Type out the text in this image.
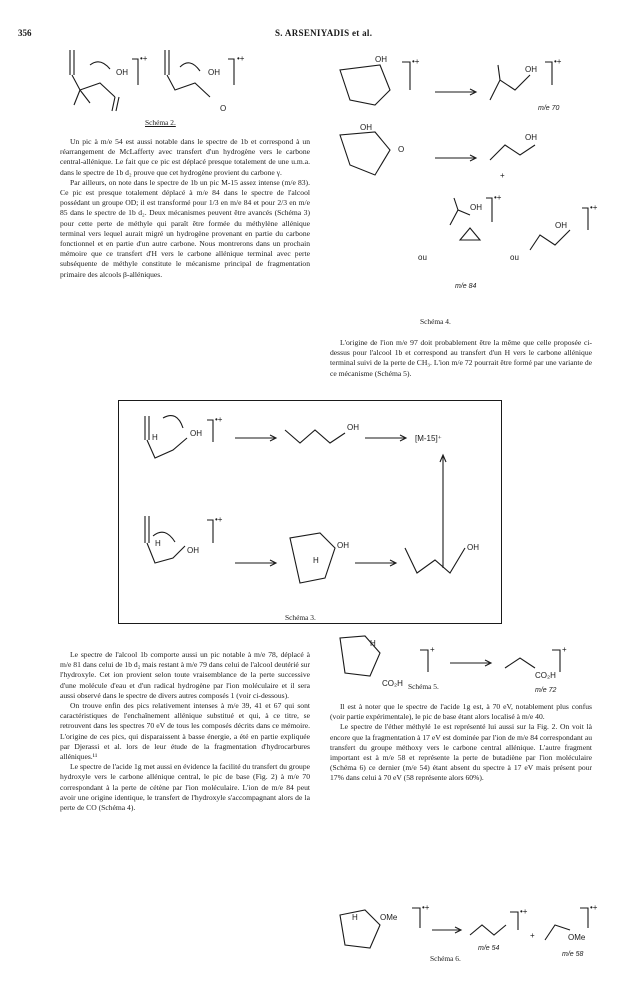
356	S. ARSENIYADIS et al.
OH
•+
OH
O
•+
Schéma 2.

Un pic à m/e 54 est aussi notable dans le spectre de 1b et correspond à un réarrangement de McLafferty avec transfert d'un hydrogène vers le carbone central-allénique. Le fait que ce pic est déplacé presque totalement de une u.m.a. dans le spectre de 1b d₂ prouve que cet hydrogène provient du carbone γ.

Par ailleurs, on note dans le spectre de 1b un pic M-15 assez intense (m/e 83). Ce pic est presque totalement déplacé à m/e 84 dans le spectre de l'alcool possédant un groupe OD; il est transformé pour 1/3 en m/e 84 et pour 2/3 en m/e 85 dans le spectre de 1b d₂. Deux mécanismes peuvent être avancés (Schéma 3) pour cette perte de méthyle qui paraît être formée du méthylène allénique terminal vers lequel aurait migré un hydrogène provenant en partie du carbone fonctionnel et en partie d'un autre carbone. Nous montrerons dans un prochain mémoire que ce transfert d'H vers le carbone allénique terminal avec perte subséquente de méthyle constitute le mécanisme principal de fragmentation primaire des alcools β-alléniques.

OH	•+
OH
•+
m/e 70
OH
O
OH
+
OH
•+
ou
OH
•+
ou
m/e 84
Schéma 4.

L'origine de l'ion m/e 97 doit probablement être la même que celle proposée ci-dessus pour l'alcool 1b et correspond au transfert d'un H vers le carbone allénique terminal suivi de la perte de CH₃. L'ion m/e 72 pourrait être formé par une variante de ce mécanisme (Schéma 5).

H	OH
•+
OH
[M-15]⁺
H
OH
•+
H
OH	OH
Schéma 3.

Le spectre de l'alcool 1b comporte aussi un pic notable à m/e 78, déplacé à m/e 81 dans celui de 1b d₂ mais restant à m/e 79 dans celui de l'alcool deutérié sur l'hydroxyle. Cet ion provient selon toute vraisemblance de la perte successive d'une molécule d'eau et d'un radical hydrogène par l'ion moléculaire et il sera aussi observé dans le spectre de divers autres composés 1 (voir ci-dessous).

On trouve enfin des pics relativement intenses à m/e 39, 41 et 67 qui sont caractéristiques de l'enchaînement allénique substitué et qui, à ce titre, se retrouvent dans les spectres 70 eV de tous les composés décrits dans ce mémoire. L'origine de ces pics, qui disparaissent à basse énergie, a été en partie expliquée par Djerassi et al. lors de leur étude de la fragmentation d'hydrocarbures alléniques.¹¹

Le spectre de l'acide 1g met aussi en évidence la facilité du transfert du groupe hydroxyle vers le carbone allénique central, le pic de base (Fig. 2) à m/e 70 correspondant à la perte de cétène par l'ion moléculaire. L'ion de m/e 84 peut avoir une origine identique, le transfert de l'hydroxyle s'accompagnant alors de la perte de CO (Schéma 4).

H
CO₂H
+
CO₂H
+
m/e 72
Schéma 5.

Il est à noter que le spectre de l'acide 1g est, à 70 eV, notablement plus confus (voir partie expérimentale), le pic de base étant alors localisé à m/e 40.

Le spectre de l'éther méthylé 1e est représenté lui aussi sur la Fig. 2. On voit là encore que la fragmentation à 17 eV est dominée par l'ion de m/e 84 correspondant au transfert du groupe méthoxy vers le carbone central allénique. L'autre fragment important est à m/e 58 et représente la perte de butadiène par l'ion moléculaire (Schéma 6) ce dernier (m/e 54) étant absent du spectre à 17 eV mais présent pour 17% dans celui à 70 eV (58 représente alors 60%).

H	OMe
•+	•+
m/e 54
+	OMe
•+
m/e 58
Schéma 6.
